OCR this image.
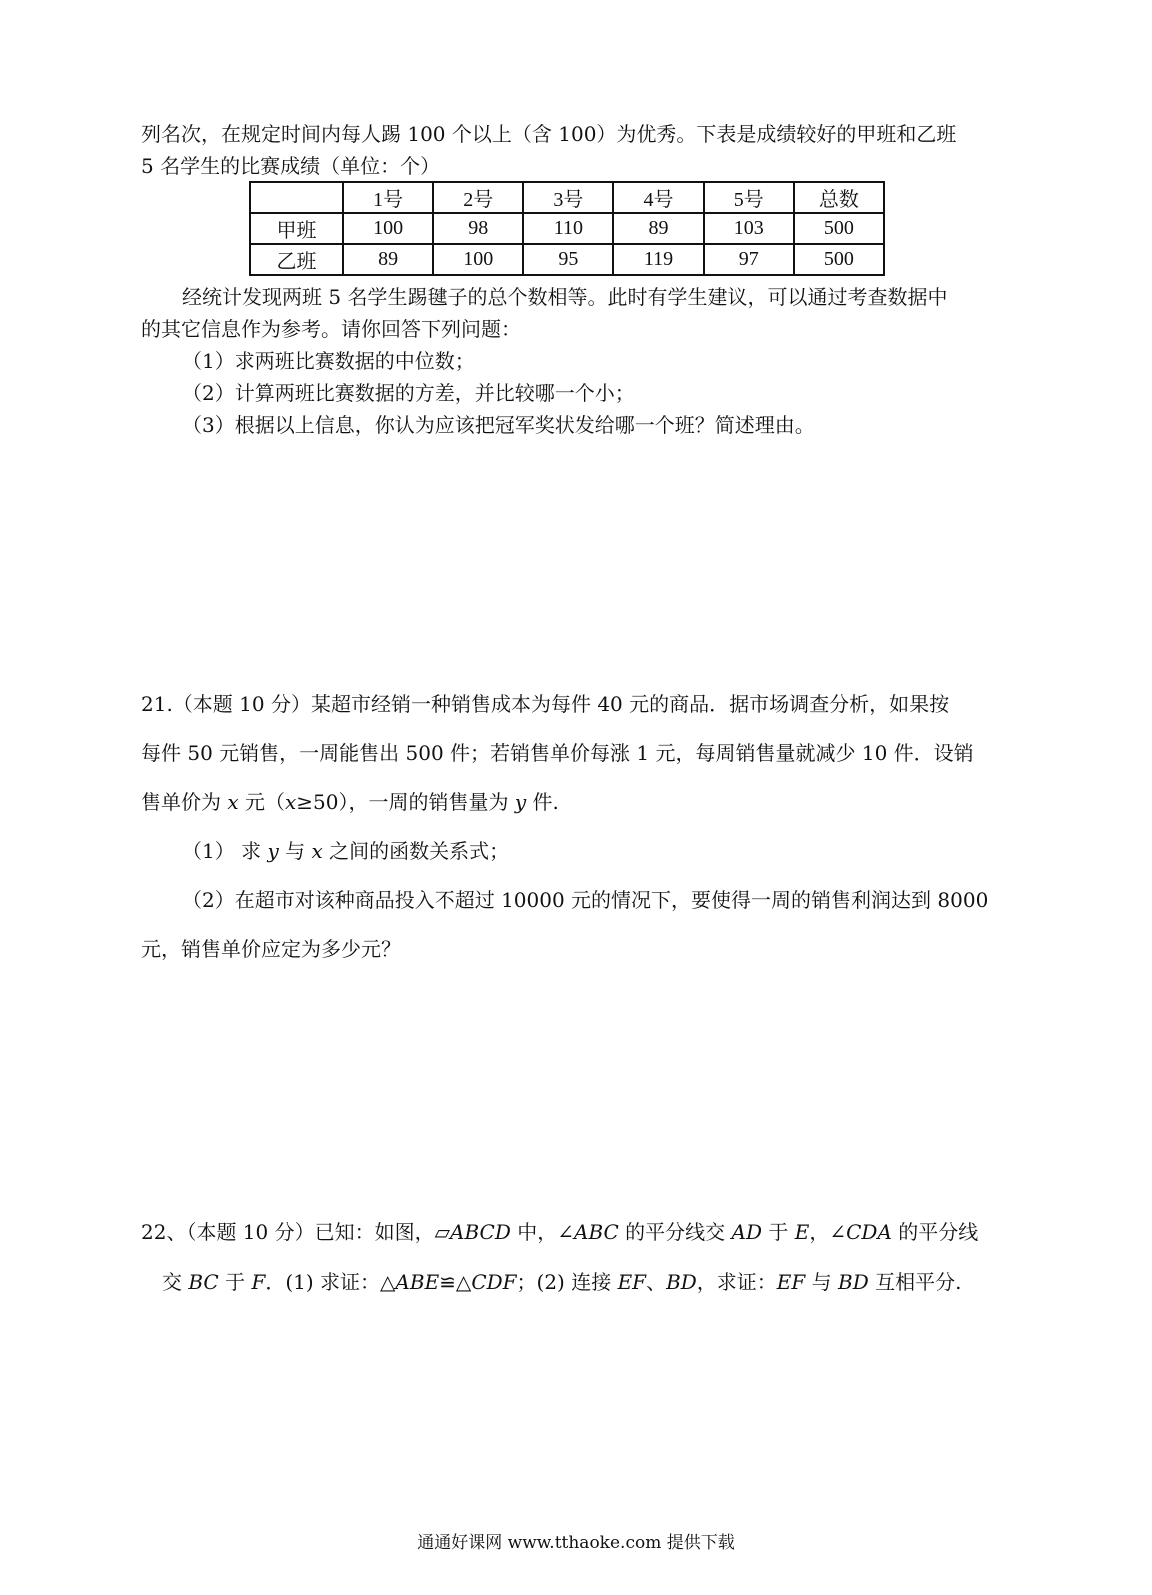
列名次，在规定时间内每人踢 100 个以上（含 100）为优秀。下表是成绩较好的甲班和乙班
5 名学生的比赛成绩（单位：个）
	1号	2号	3号	4号	5号	总数
甲班	100	98	110	89	103	500
乙班	89	100	95	119	97	500
经统计发现两班 5 名学生踢毽子的总个数相等。此时有学生建议，可以通过考查数据中
的其它信息作为参考。请你回答下列问题：
（1）求两班比赛数据的中位数；
（2）计算两班比赛数据的方差，并比较哪一个小；
（3）根据以上信息，你认为应该把冠军奖状发给哪一个班？简述理由。
21.（本题 10 分）某超市经销一种销售成本为每件 40 元的商品．据市场调查分析，如果按
每件 50 元销售，一周能售出 500 件；若销售单价每涨 1 元，每周销售量就减少 10 件．设销
售单价为 x 元（x≥50），一周的销售量为 y 件.
（1） 求 y 与 x 之间的函数关系式；
（2）在超市对该种商品投入不超过 10000 元的情况下，要使得一周的销售利润达到 8000
元，销售单价应定为多少元？
22、（本题 10 分）已知：如图，▱ABCD 中，∠ABC 的平分线交 AD 于 E，∠CDA 的平分线
交 BC 于 F．(1) 求证：△ABE≌△CDF；(2) 连接 EF、BD，求证：EF 与 BD 互相平分.
通通好课网 www.tthaoke.com 提供下载
